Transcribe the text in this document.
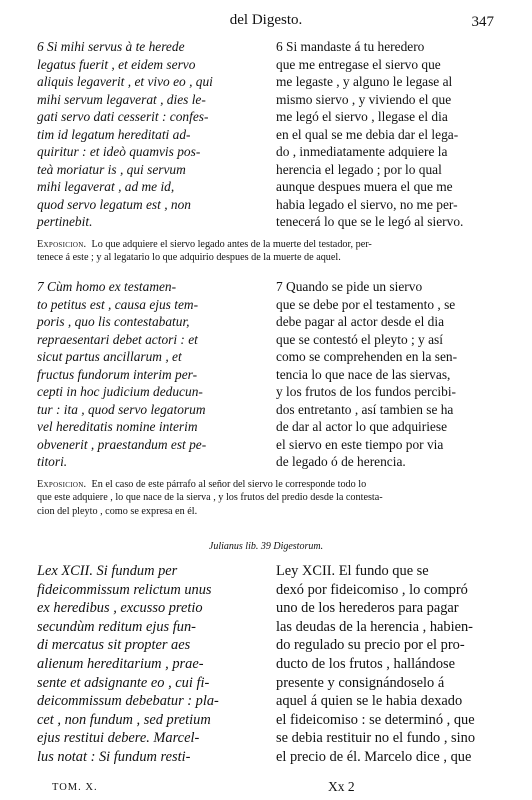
del Digesto.	347
6 Si mihi servus à te herede
legatus fuerit , et eidem servo
aliquis legaverit , et vivo eo , qui
mihi servum legaverat , dies le-
gati servo dati cesserit : confes-
tim id legatum hereditati ad-
quiritur : et ideò quamvis pos-
teà moriatur is , qui servum
mihi legaverat , ad me id,
quod servo legatum est , non
pertinebit.
6 Si mandaste á tu heredero
que me entregase el siervo que
me legaste , y alguno le legase al
mismo siervo , y viviendo el que
me legó el siervo , llegase el dia
en el qual se me debia dar el lega-
do , inmediatamente adquiere la
herencia el legado ; por lo qual
aunque despues muera el que me
habia legado el siervo, no me per-
tenecerá lo que se le legó al siervo.
Exposicion. Lo que adquiere el siervo legado antes de la muerte del testador, per-
tenece á este ; y al legatario lo que adquirio despues de la muerte de aquel.
7 Cùm homo ex testamen-
to petitus est , causa ejus tem-
poris , quo lis contestabatur,
repraesentari debet actori : et
sicut partus ancillarum , et
fructus fundorum interim per-
cepti in hoc judicium deducun-
tur : ita , quod servo legatorum
vel hereditatis nomine interim
obvenerit , praestandum est pe-
titori.
7 Quando se pide un siervo
que se debe por el testamento , se
debe pagar al actor desde el dia
que se contestó el pleyto ; y así
como se comprehenden en la sen-
tencia lo que nace de las siervas,
y los frutos de los fundos percibi-
dos entretanto , así tambien se ha
de dar al actor lo que adquiriese
el siervo en este tiempo por via
de legado ó de herencia.
Exposicion. En el caso de este párrafo al señor del siervo le corresponde todo lo
que este adquiere , lo que nace de la sierva , y los frutos del predio desde la contesta-
cion del pleyto , como se expresa en él.
Julianus lib. 39 Digestorum.
Lex XCII. Si fundum per
fideicommissum relictum unus
ex heredibus , excusso pretio
secundùm reditum ejus fun-
di mercatus sit propter aes
alienum hereditarium , prae-
sente et adsignante eo , cui fi-
deicommissum debebatur : pla-
cet , non fundum , sed pretium
ejus restitui debere. Marcel-
lus notat : Si fundum resti-
Ley XCII. El fundo que se
dexó por fideicomiso , lo compró
uno de los herederos para pagar
las deudas de la herencia , habien-
do regulado su precio por el pro-
ducto de los frutos , hallándose
presente y consignándoselo á
aquel á quien se le habia dexado
el fideicomiso : se determinó , que
se debia restituir no el fundo , sino
el precio de él. Marcelo dice , que
TOM. X.	Xx 2
